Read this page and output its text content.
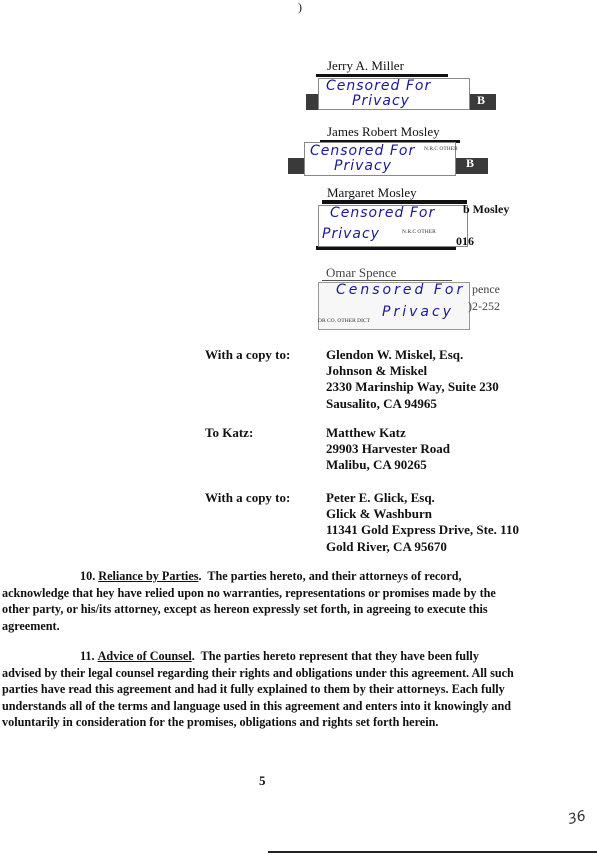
)
Jerry A. Miller
Censored For
Privacy	B
James Robert Mosley
Censored For
Privacy
N.R.C OTHER
B
Margaret Mosley
Censored For
Privacy	N.R.C OTHER
b Mosley
016
Omar Spence
Censored For
Privacy
OR CO. OTHER DICT
pence
)2-252
With a copy to:	Glendon W. Miskel, Esq.
Johnson & Miskel
2330 Marinship Way, Suite 230
Sausalito, CA 94965
To Katz:	Matthew Katz
29903 Harvester Road
Malibu, CA 90265
With a copy to:	Peter E. Glick, Esq.
Glick & Washburn
11341 Gold Express Drive, Ste. 110
Gold River, CA 95670
10. Reliance by Parties.  The parties hereto, and their attorneys of record, acknowledge that hey have relied upon no warranties, representations or promises made by the other party, or his/its attorney, except as hereon expressly set forth, in agreeing to execute this agreement.
11. Advice of Counsel.  The parties hereto represent that they have been fully advised by their legal counsel regarding their rights and obligations under this agreement. All such parties have read this agreement and had it fully explained to them by their attorneys. Each fully understands all of the terms and language used in this agreement and enters into it knowingly and voluntarily in consideration for the promises, obligations and rights set forth herein.
5
36
